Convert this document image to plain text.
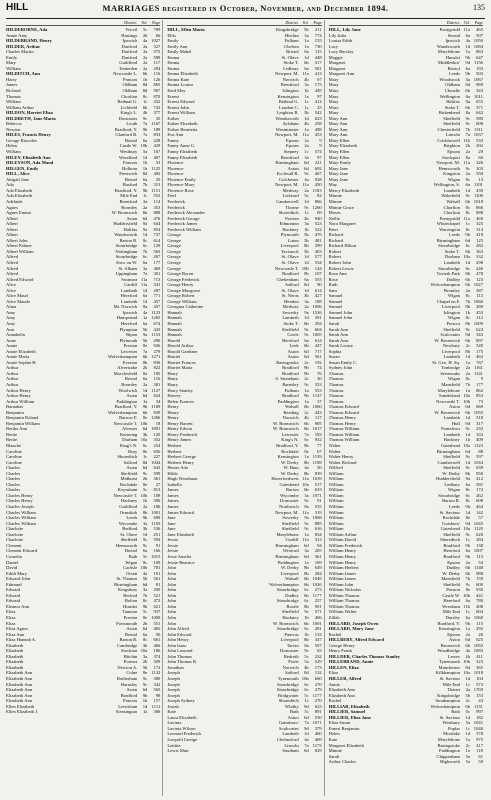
HILL	MARRIAGES registered in October, November, and December 1894.	135
District. Vol.	Page
HILDEBORNE, Ada	Yeovil	5c	709
Annie Amy	Hastings	2b	66
HILDEBRAND, Henry	Ipswich	4a 1027
HILDER, Arthur	Dartford	2a	527
Charles Martin	Dartford	2a	573
Emily	Dartford	2a	589
Mary	Guildford	2a	117
William	Tenterden	2a	294
HILDITCH, Ann	Newcastle L.	6b	116
Harry	Pancras	1b	126
James	Oldham	8d	865
Richard	Oldham	8d	907
Thomas	Chorlton	8c	870
William	Bethnal G.	1c	432
William Arthur	Lichfield	6b	743
HILDON, Harriet Eliza	King's L.	4b	377
HILDRETH, Jane Maria	Doncaster	9c	35
Rebecca	Louth	7a 1167
Newton	Bradford, Y.	9b	189
HILES, Francis Henry	Glanford B.	7a	833
George Rascoles	Bristol	6a	228
Helen	Castle W. 10b	429
William	Westbury	5a	167
HILEY, Elizabeth Ann	Woodford	1d	407
HILEYSON, Ada Maud	Pancras	1b	53
HILGEN, Emily	Holborn	1b 1125
HILL, Alice	Prestwich	8d	482
Abigail Jane	Bristol	6a	25
Ada	Basford	7b	313
Ada Elizabeth	Bradford, Y.	9b 1151
Ada Elizabeth	Mile End	1c	553
Adelaide	Brentford	3a	114
Agnes	Bromley	2a	353
Agnes Emma	W. Bromwich	6b	888
Albert	Aston	6d	476
Albert	Huddersfield	9a	644
Albert	Halifax	9a	854
Albert	Wandsworth	1d	737
Albert John	Barton R.	8c	614
Albert Palmer	Stourbridge	6c	129
Albert William	Nottingham	7b	563
Alfred	Stourbridge	6c	267
Alfred	Stow on W.	6a	177
Alfred	St. Albans	3a	469
Alfred	Uppingham	7a	301
Alfred Edward	Swansea 11a	713
Alice	Cardiff 11a	341
Alice	Lambeth	1d	287
Alice Maud	Hereford	6a	771
Alice Maude	Lambeth	1d	457
Alma	Mt. Norwich	8a	457
Amy	Ipswich	4a 1123
Amy	Hampstead	1a 1265
Amy	Hereford	6a	674
Ann	Plympton	5b	443
Annabella	Ripon	9a 1153
Anne	Plymouth	5b	290
Annie	Preston	8e	926
Annie Elizabeth	Leicester	7a	279
Annie Maria	Wolverhampton	6b 1271
Annie Sophia H.	Everton	8b	836
Arthur	Alverstoke	2b	822
Arthur	Macclesfield	8a	185
Arthur	Bristol	6a	116
Arthur	Bromley	2a	381
Arthur Henry	Woolwich	1d 1127
Arthur Henry	Aston	6d	624
Arthur William	Paddington	1a	34
Barnabas	Bradford, Y.	9b 1189
Benjamin	Wolverhampton	6b	839
Benjamin Roland	Barrow F.	8e 1266
Benjamin William	Newcastle T. 10b	18
Bertha Ann	Alcester	6d 1091
Bertie	Kettering	3b	120
Bertie	Durham 10a	352
Blanche	King's N.	6c	254
Caroline	Bury	8e	656
Caroline	Shoreditch	1c	227
Caroline	Salford	8d 1044
Charles	Aston	6d	643
Charles	Sheffield	9c	599
Charles	Midhurst	2b	361
Charles	Rochdale	8e	27
Charles	Keynsham	5c	813
Charles Henry	Newcastle T. 10b	108
Charles Henry	Hackney	1b	396
Charles Joseph	Guildford	2a	186
Charles William	Ormskirk	8b 1001
Charles William	Leeds	9b	689
Charles William	Wycombe	3a 1105
Charlotte	Bedford	3b	536
Charlotte	St. Olave	1d	251
Charlotte	Sheffield	9c	594
Clement	Hemsworth	9c	91
Clement Edward	Bristol	6a	166
Cornelia	Bath	5c 1015
Daniel	Wigan	8c	109
David	Carlisle 10b	781
Edith Mary	Orsett	4a	191
Edward John	St. Thomas	5b	561
Edmund	Birmingham	6d	81
Edward	Kingsbury	3a	200
Edward	Retford	7b	521
Edward	Bolton	8c	472
Eleanor Ann	Hunslet	9b	621
Eliza	Taunton	5c	937
Eliza	Preston	8e 1000
Eliza	Portsmouth	2b	551
Eliza Agnes	Aston	6d	465
Eliza Ann	Bristol	6a	50
Eliza Hannah A.	Barton R.	8c	661
Elizabeth	Cambridge	3b	466
Elizabeth	Stockton 10a	186
Elizabeth	Hitchin	3a	374
Elizabeth	Portsea	2b	509
Elizabeth	Newton A.	5b	172
Elizabeth Ann	Colne	8e 1132
Elizabeth Ann	Rotherham	9c	380
Elizabeth Ann	Barnsley	9c	342
Elizabeth Ann	Aston	6d	565
Elizabeth Ann	Bradford	9b	98
Elizabeth Ann	Pancras	1b	157
Ellen Elizabeth	Lewisham	1d 1111
Ellen Elizabeth J.	Kensington	1a	306
District. Vol.	Page
HILL, Ellen Maria	Kingsbridge	5b	211
Ellis	Hitchin	3a	774
Emily	Fulham	1a	155
Emily Ann	Chelsea	1a	730
Emily Mabel	Bristol	6a	115
Emma	St. Olave	1d	448
Emma	Stoke T.	6b	317
Emma	Ledbury	6a	581
Emma Elizabeth	Newport, M. 11a	413
Emma Kate	Norwich	4b	67
Emma Louisa	Brentford	3a	175
Enid May	Islington	1b	449
Ernest	Kensington	1a	97
Ernest Edward	Bethnal G.	1c	412
Ernest John	London C.	1c	25
Ernest William	Leighton B.	3b	542
Esther	Wandsworth	1d	623
Esther Elizabeth	Aylsham	4b	258
Esther Henrietta	Westminster	1a	498
Eva Ann	Newport, M. 11a	453
Fanny	Epsom	2a	9
Fanny Anne G.	Epsom	2a	9
Fanny Elizabeth	Stepney	1c	574
Fanny Elizabeth	Brentford	3a	97
Florence	Birmingham	6d	221
Florence	Aston	6d	692
Florence	Ecclesall B.	9c	467
Florence Emily	Colchester	4a	928
Florence Mary	Newport, M. 11a	450
Florence Rose	Medway	2a 1183
Fred	Liskeard	5c	82
Frederick	Camberwell	1d	866
Frederick	Thorne	9c 1260
Frederick Alexander	Shoreditch	1c	69
Frederick George	Portsea	2b	940
Frederick James	Edmonton	3a	523
Frederick William	Hackney	1b	522
George	Plymouth	5b	476
George	Luton	3b	481
George	Liverpool	8b	299
George	Tavistock	5b	403
George	St. Olave	1d	577
George	St. Olave	1d	534
George	Newcastle T. 10b	144
George Byron	Bradford	9b	107
George Frederick	Cheltenham	6a	553
George Henry	Salford	8d	90
George Musgrave	St. Olave	1d	614
George Robert	St. Neots	3b	427
George William	Hendon	3a	188
Georgina Catherine	Medway	2a 1006
Hannah	Sowerby	9a 1526
Hannah	Lambeth	1d	391
Hannah	Stoke T.	6b	294
Hannah	Sheffield	9c	604
Hannah	Goole	9c 1005
Harold	Hereford	6a	614
Harold Arthur	Leek	6b	447
Harold Gardiner	Aston	6d	717
Harriet	Aston	6d	561
Harriet Frances	Basingstoke	2c	192
Harriet Maria	Bradford	9b	74
Harry	Bradford	9b	76
Harry	S. Stoneham	2c	30
Harry	Barnsley	9c	353
Harry Stanley	Fulham	1a	553
Harvey	Bradford	9b 1147
Helen Frances	Paddington	1a	37
Henry	Walsall	6b 1060
Henry	Reading	2c	443
Henry	Norwich	4b	117
Henry Barrett	W. Bromwich	6b	905
Henry Edwin	W. Bromwich	6b 1017
Henry Frederick	Leicester	7a	183
Henry James	King's N.	6c	932
Herbert	Bradford, Y.	9b	77
Herbert	Rochdale	8e	67
Herbert George	Kensington	1a 1139
Herbert Henry	W. Derby	8b 1198
Hester Ada	W. Ham	4a	50
Hilda	W. Derby	8b	839
Hugh Woodman	Haverfordwest 11a 1639
Isabella	Gateshead 10a	517
James	Burton	6b	633
James	Wycombe	3a 1071
James	Doncaster	9c	91
James	Northwich	8a	555
James Edward	Newport, M. 11a	319
Jane	Sowerby	9a 1068
Jane	Sheffield	9c	885
Jane	Sheffield	9c	616
Jane Elizabeth	Marylebone	1a	834
Jessie	Cardiff 11a	313
Jessie	Birmingham	6d	94
Jessie	Wexford	3a	205
Jesse Amelia	Birmingham	6d	361
Jessie Beatrice	Paddington	1a	169
John	W. Derby	8b	649
John	Liverpool	8b	284
John	Walsall	6b 1049
John	Wolverhampton	6b 1026
John	Stourbridge	6c	273
John	Dudley	6b 1177
John	Stourbridge	6c	257
John	Bootle	8b	901
John	Sheffield	9c	571
John	Hackney	1b	406
John	W. Bromwich	6b 1001
John Alfred	Stourbridge	6c	281
John Edward	Pancras	1b	133
John Henry	Liverpool	8b	347
John Isaac	Tarvin	8a	507
John Leonard	Doncaster	9c	63
John Thomas	Redruth	5c	232
John Thomas R.	Poole	5a	529
Jonathan	Norwich	4b	173
Joseph	Salford	8d	132
Joseph	Tynemouth 10b	660
Joseph	Stourbridge	6c	270
Joseph	Stourbridge	6c	279
Joseph	Bridgwater	5c 1177
Joseph Sydney	Shoreditch	1c	270
Josiah	Whitby	9d	623
Kate	Bath	5c	891
Laura Elizabeth	Aston	6d	550
Lavinia	Gainsboro'	7a 1071
Lavinia Wilson	Sculcoates	9d	379
Leonard Frederick	Lambeth	1d	460
Leopold George	Chelmsford	4a	469
Lettitia	Lincoln	7a 1175
Lewis Muir	Southam	6d	829
District. Vol.	Page
HILL, Lily Jane	Pontypridd 11a	465
Lily Julia	Stroud	6a	507
Louisa Edith	Ipswich	4a 1050
Lucy	Wandsworth	1d 1084
Lucy Barclay	Marylebone	1a	863
Maggie	Hunslet	9b	647
Margaret	Middlesbro'	9d 1156
Margaret	Bristol	6a	193
Margaret Ann	Leeds	9b	503
Mary	Woodstock	3a 1067
Mary	Oldham	8d	969
Mary	Cheadle	6b	343
Mary	Wellington	6a 1011
Mary	Halifax	9a	655
Mary	Stoke T.	6b	371
Mary	Birkenhead	8a	642
Mary Ann	Sheffield	9c	589
Mary Ann	Sheffield	9c	608
Mary Ann	Chesterfield	7b 1311
Mary Ann	Lincoln	7a 1037
Mary Ellen	Crickhowell 11b	533
Mary Elizabeth	Brighton	2b	292
Mary Ellen	Epsom	2a	29
Mary Ellen	Stockport	8a	60
Mary Emily	Newport, M. 11a	326
Mary Jane	Hemsworth	9c	103
Mary Jane	Kingston	2a	550
Mary Jane	Wigan	8c	13
May	Wellington, S.	6a 1101
Mercy Elizabeth	Lambeth	1d	439
Minnie	Wakefield	9c 1100
Minnie	Walsall	6b 1018
Minnie Grace	Chorlton	8c	866
Moses	Chorlton	8c	888
Nellie	Pontypridd 11a	469
Nora Margaret	Whitechapel	1c	325
Peter	Warrington	8c	314
Richard	Leeds	9b	418
Richard	Birmingham	6d	125
Richard Hilton	Stourbridge	6c	282
Robert	Stoke T.	6b	363
Robert	Durham 10a	332
Robert John	Lambeth	1d	298
Robert Lewis	Stourbridge	6c	246
Rosa Ann	Toxteth Park	8b	478
Rose	Dudley	6b	123
Ruth	Wolverhampton	6b 1027
Sam	Bromley	2a	387
Samuel	Wigan	8c	113
Samuel	Chapel en F.	7b 1060
Samuel	Liverpool	8b	269
Samuel John	Islington	1b	453
Samuel John	Wigan	8c	112
Sarah	Prescot	8b 1009
Sarah Ann	Sheffield	9c	624
Sarah Ann	Sculcoates	9d	343
Sarah Ann	W. Bromwich	6b	897
Sarah Louise	Newbury	2c	549
Sophia	Liverpool	8b	175
Susan	Lambeth	1d	463
Susan Emily C.	St. Geo. H. Sq.	1a	767
Sydney John	Tonbridge	2a 1161
Thomas	Sevenoaks	2a 1141
Thomas	Wigan	8c	9
Thomas	Mansfield	7b	177
Thomas	Marylebone	1a	862
Thomas	Sunderland 10a	853
Thomas	Newcastle T. 10b	73
Thomas Edward	Aston	6d	669
Thomas Edward	W. Bromwich	6b 1055
Thomas Henry	Lambeth	1d	518
Thomas Henry	Hull	9d	317
Thomas William	Pontefract	9c	233
Thomas William	Lambeth	1d	333
Thomas William	Hackney	1b	409
Walter	Gateshead 10a 1123
Walter	Birmingham	6d	88
Walter Henry	Sheffield	9c	597
Walter Richard	Camberwell	1d 1044
Wilfred	Sheffield	9c	639
William	W. Derby	8b	950
William	Huddersfield	9a	412
William	Ledbury	6a	581
William	Wigan	8c	172
William	Stourbridge	6c	262
William	Barton R.	8c	608
William	Leeds	9b	464
William	St. Saviour	1d	142
William	Rochdale	8e	57
William	Guisboro'	9d 1045
William	Gateshead 10a 1120
William Arthur	Sheffield	9c	620
William David	Shoreditch	1c	284
William Frederick	Bradford	9b	138
William Henry	Hereford	6a 1007
William Henry	Bradford	9b	113
William Henry	Epsom	2a	54
William Herbert	Dudley	6b 1148
William James	W. Derby	8b	988
William James	Mansfield	7b	159
William John	Sheffield	9c	600
William Nicholas	Preston	8e	930
William Thomas	Castle W. 10b	441
William Thomas	Hereford	6a	780
William Thomas	Wrexham 11b	408
William Walter	Mile End	1c	604
Zillah	Dursley	6a 1060
HILLARD, Joseph Owen	Bradford, Y.	9b	115
HILLARD, Mary Jane	Kensington	1a	292
Rachel	Epsom	2a	26
HILLBERY, Alfred Edward	Aston	6d	625
George Henry	Bromwich	6b 1092
Henry Frank	Woodbridge	4a 1083
HILLDER, Charles Thomas Stanley	Lewes	2b	411
HILLEBRAND, Annie	Tynemouth 10b	323
HILLEN, Eliza	Manchester	8d	365
Eliza	Kilkhampton 10a 1018
HILLER, Alfred	St. Saviour	1d	104
Annie	Mile End	1c	573
Elizabeth Ann	Thanet	2a 1769
Elizabeth Ann	Kingsbridge	5b	153
Rachel	Southampton	2c	43
HILLIAR, Elizabeth	Wolverhampton	6b 1131
HILLIER, Samuel	Bath	5c	997
HILLIER, Eliza Jane	St. Saviour	1d	182
Eliza Susan	Westbury	5a 1041
Ernest Benjamin	Poplar	1c 1040
Helen	Mortlake	1d	578
Kate	Marylebone	1a	975
Margaret Elizabeth	Basingstoke	2c	417
Minnie	Paddington	1a	118
Sarah	Chippenham	5a	61
Arthur Charles	Highworth	5a	50
